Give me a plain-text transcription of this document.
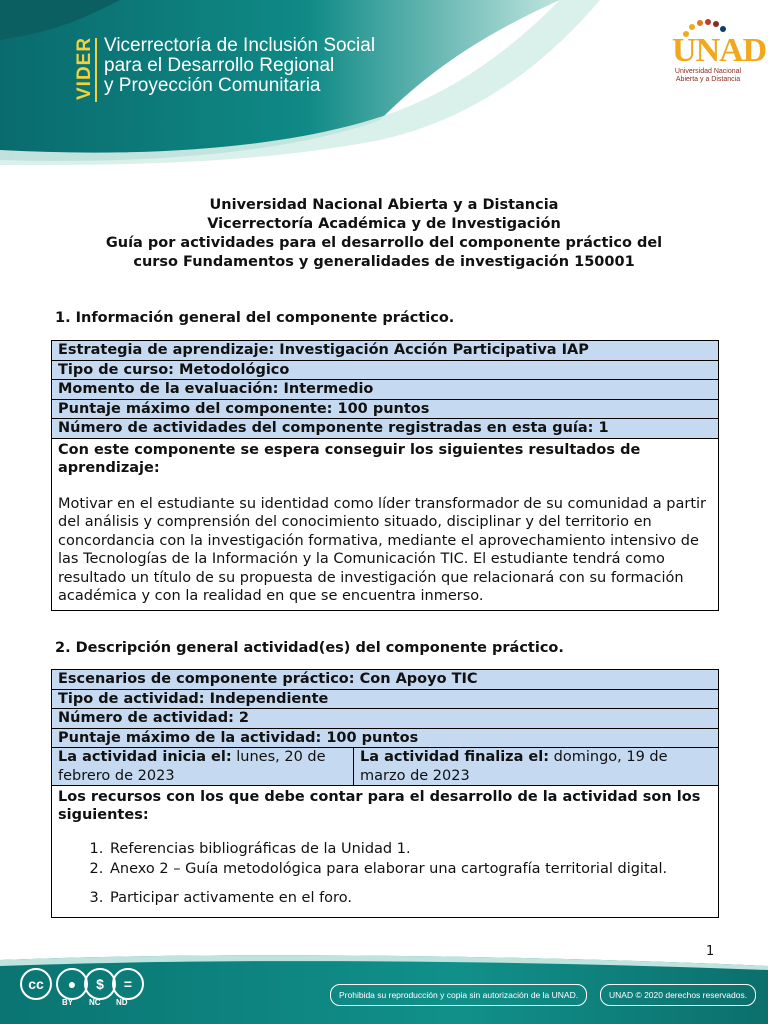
VIDER Vicerrectoría de Inclusión Social
para el Desarrollo Regional
y Proyección Comunitaria
UNAD
Universidad Nacional
Abierta y a Distancia
Universidad Nacional Abierta y a Distancia
Vicerrectoría Académica y de Investigación
Guía por actividades para el desarrollo del componente práctico del
curso Fundamentos y generalidades de investigación 150001
1. Información general del componente práctico.
Estrategia de aprendizaje: Investigación Acción Participativa IAP
Tipo de curso: Metodológico
Momento de la evaluación: Intermedio
Puntaje máximo del componente: 100 puntos
Número de actividades del componente registradas en esta guía: 1
Con este componente se espera conseguir los siguientes resultados de aprendizaje:
Motivar en el estudiante su identidad como líder transformador de su comunidad a partir del análisis y comprensión del conocimiento situado, disciplinar y del territorio en concordancia con la investigación formativa, mediante el aprovechamiento intensivo de las Tecnologías de la Información y la Comunicación TIC. El estudiante tendrá como resultado un título de su propuesta de investigación que relacionará con su formación académica y con la realidad en que se encuentra inmerso.
2. Descripción general actividad(es) del componente práctico.
Escenarios de componente práctico: Con Apoyo TIC
Tipo de actividad: Independiente
Número de actividad: 2
Puntaje máximo de la actividad: 100 puntos
La actividad inicia el: lunes, 20 de febrero de 2023
La actividad finaliza el: domingo, 19 de marzo de 2023
Los recursos con los que debe contar para el desarrollo de la actividad son los siguientes:
1. Referencias bibliográficas de la Unidad 1.
2. Anexo 2 – Guía metodológica para elaborar una cartografía territorial digital.
3. Participar activamente en el foro.
1
cc	●	$	=
BY NC ND
Prohibida su reproducción y copia sin autorización de la UNAD.	UNAD © 2020 derechos reservados.
